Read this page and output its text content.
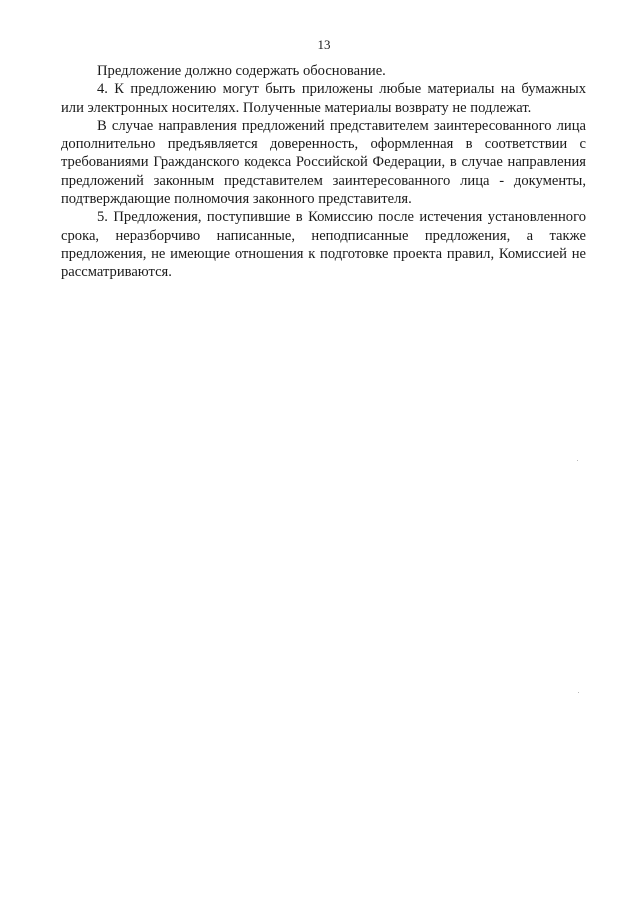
13

Предложение должно содержать обоснование.

4. К предложению могут быть приложены любые материалы на бумажных или электронных носителях. Полученные материалы возврату не подлежат.

В случае направления предложений представителем заинтересованного лица дополнительно предъявляется доверенность, оформленная в соответствии с требованиями Гражданского кодекса Российской Федерации, в случае направления предложений законным представителем заинтересованного лица - документы, подтверждающие полномочия законного представителя.

5. Предложения, поступившие в Комиссию после истечения установленного срока, неразборчиво написанные, неподписанные предложения, а также предложения, не имеющие отношения к подготовке проекта правил, Комиссией не рассматриваются.
